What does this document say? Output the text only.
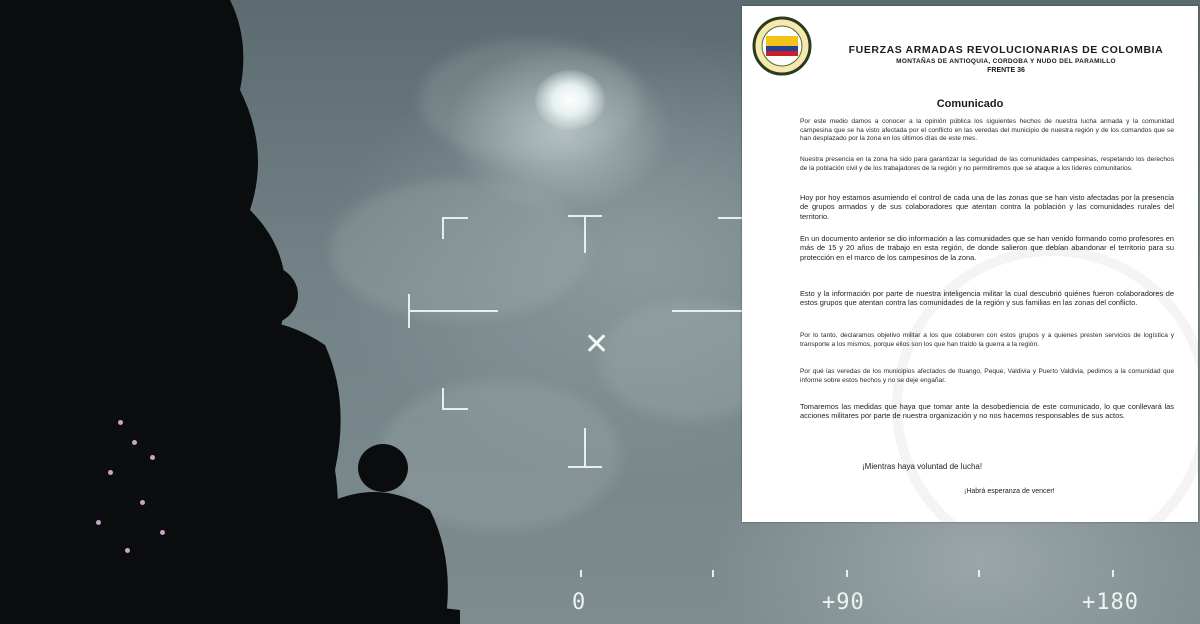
✕
0	+90	+180
FUERZAS ARMADAS REVOLUCIONARIAS DE COLOMBIA
MONTAÑAS DE ANTIOQUIA, CORDOBA Y NUDO DEL PARAMILLO
FRENTE 36
Comunicado
Por este medio damos a conocer a la opinión pública los siguientes hechos de nuestra lucha armada y la comunidad campesina que se ha visto afectada por el conflicto en las veredas del municipio de nuestra región y de los comandos que se han desplazado por la zona en los últimos días de este mes.
Nuestra presencia en la zona ha sido para garantizar la seguridad de las comunidades campesinas, respetando los derechos de la población civil y de los trabajadores de la región y no permitiremos que se ataque a los líderes comunitarios.
Hoy por hoy estamos asumiendo el control de cada una de las zonas que se han visto afectadas por la presencia de grupos armados y de sus colaboradores que atentan contra la población y las comunidades rurales del territorio.
En un documento anterior se dio información a las comunidades que se han venido formando como profesores en más de 15 y 20 años de trabajo en esta región, de donde salieron que debían abandonar el territorio para su protección en el marco de los campesinos de la zona.
Esto y la información por parte de nuestra inteligencia militar la cual descubrió quiénes fueron colaboradores de estos grupos que atentan contra las comunidades de la región y sus familias en las zonas del conflicto.
Por lo tanto, declaramos objetivo militar a los que colaboren con estos grupos y a quienes presten servicios de logística y transporte a los mismos, porque ellos son los que han traído la guerra a la región.
Por qué las veredas de los municipios afectados de Ituango, Peque, Valdivia y Puerto Valdivia, pedimos a la comunidad que informe sobre estos hechos y no se deje engañar.
Tomaremos las medidas que haya que tomar ante la desobediencia de este comunicado, lo que conllevará las acciones militares por parte de nuestra organización y no nos hacemos responsables de sus actos.
¡Mientras haya voluntad de lucha!
¡Habrá esperanza de vencer!
